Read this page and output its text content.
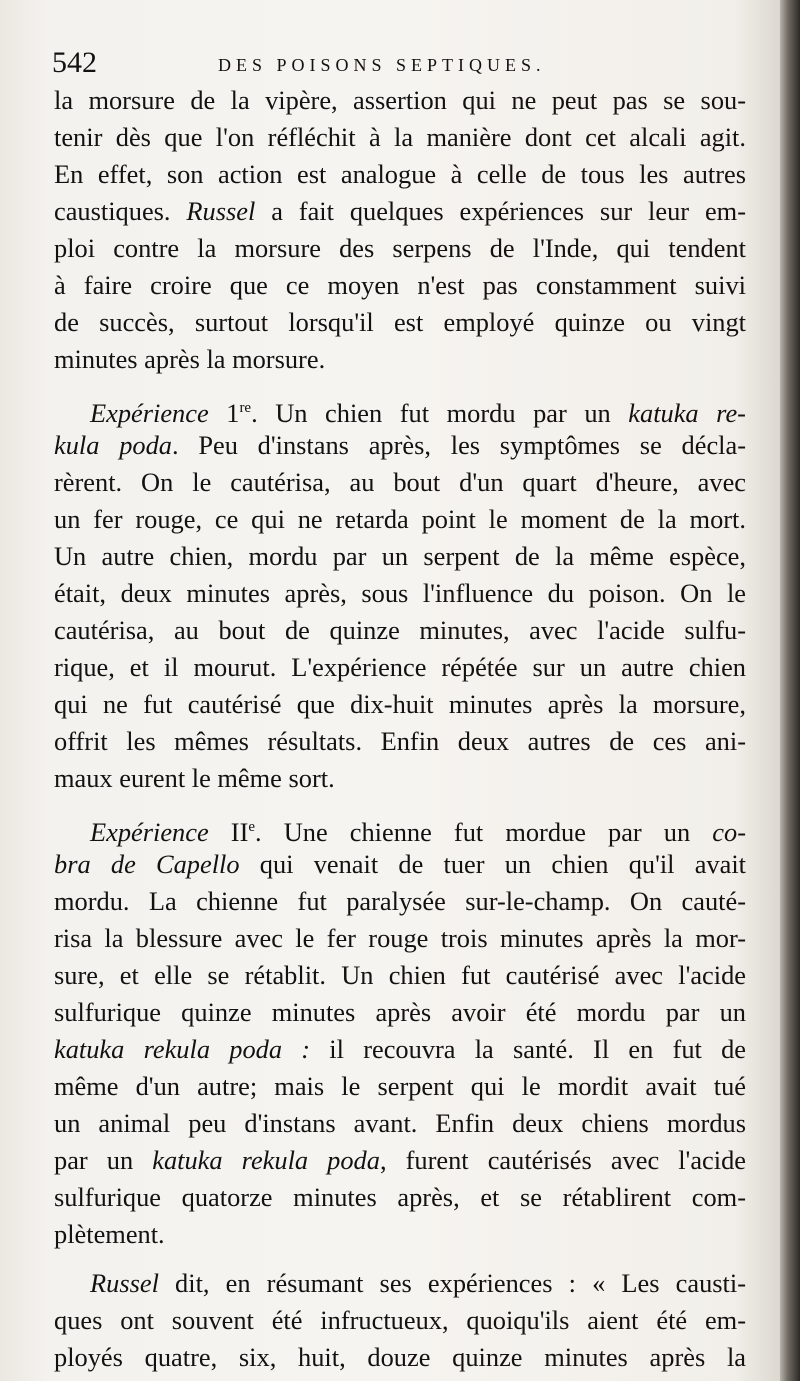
542	DES POISONS SEPTIQUES.
la morsure de la vipère, assertion qui ne peut pas se sou-
tenir dès que l'on réfléchit à la manière dont cet alcali agit.
En effet, son action est analogue à celle de tous les autres
caustiques. Russel a fait quelques expériences sur leur em-
ploi contre la morsure des serpens de l'Inde, qui tendent
à faire croire que ce moyen n'est pas constamment suivi
de succès, surtout lorsqu'il est employé quinze ou vingt
minutes après la morsure.
Expérience 1re. Un chien fut mordu par un katuka re-
kula poda. Peu d'instans après, les symptômes se décla-
rèrent. On le cautérisa, au bout d'un quart d'heure, avec
un fer rouge, ce qui ne retarda point le moment de la mort.
Un autre chien, mordu par un serpent de la même espèce,
était, deux minutes après, sous l'influence du poison. On le
cautérisa, au bout de quinze minutes, avec l'acide sulfu-
rique, et il mourut. L'expérience répétée sur un autre chien
qui ne fut cautérisé que dix-huit minutes après la morsure,
offrit les mêmes résultats. Enfin deux autres de ces ani-
maux eurent le même sort.
Expérience IIe. Une chienne fut mordue par un co-
bra de Capello qui venait de tuer un chien qu'il avait
mordu. La chienne fut paralysée sur-le-champ. On cauté-
risa la blessure avec le fer rouge trois minutes après la mor-
sure, et elle se rétablit. Un chien fut cautérisé avec l'acide
sulfurique quinze minutes après avoir été mordu par un
katuka rekula poda : il recouvra la santé. Il en fut de
même d'un autre; mais le serpent qui le mordit avait tué
un animal peu d'instans avant. Enfin deux chiens mordus
par un katuka rekula poda, furent cautérisés avec l'acide
sulfurique quatorze minutes après, et se rétablirent com-
plètement.
Russel dit, en résumant ses expériences : « Les causti-
ques ont souvent été infructueux, quoiqu'ils aient été em-
ployés quatre, six, huit, douze quinze minutes après la
